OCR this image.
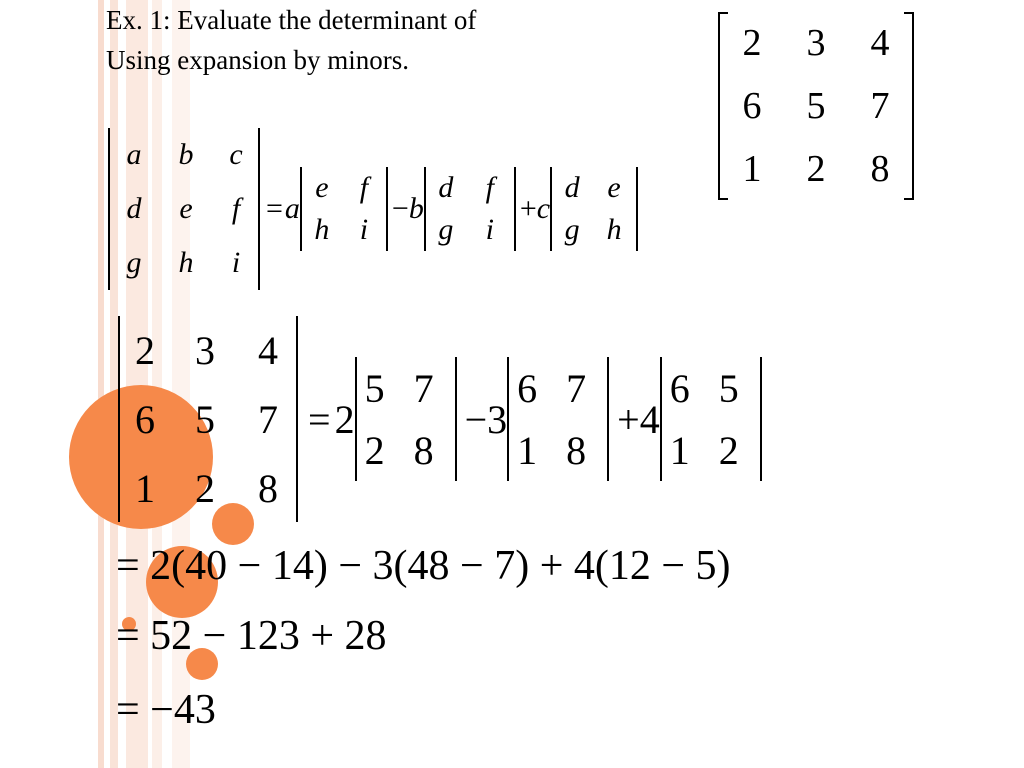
Ex. 1: Evaluate the determinant of
Using expansion by minors.	2	3	4
6	5	7
1	2	8
a	b	c
d	e	f
g	h	i
= a
e	f
h	i
− b
d	f
g	i
+ c
d	e
g	h
2	3	4
6	5	7
1	2	8
= 2
5	7
2	8
− 3
6	7
1	8
+ 4
6	5
1	2
= 2(40 − 14) − 3(48 − 7) + 4(12 − 5)
= 52 − 123 + 28
= −43
